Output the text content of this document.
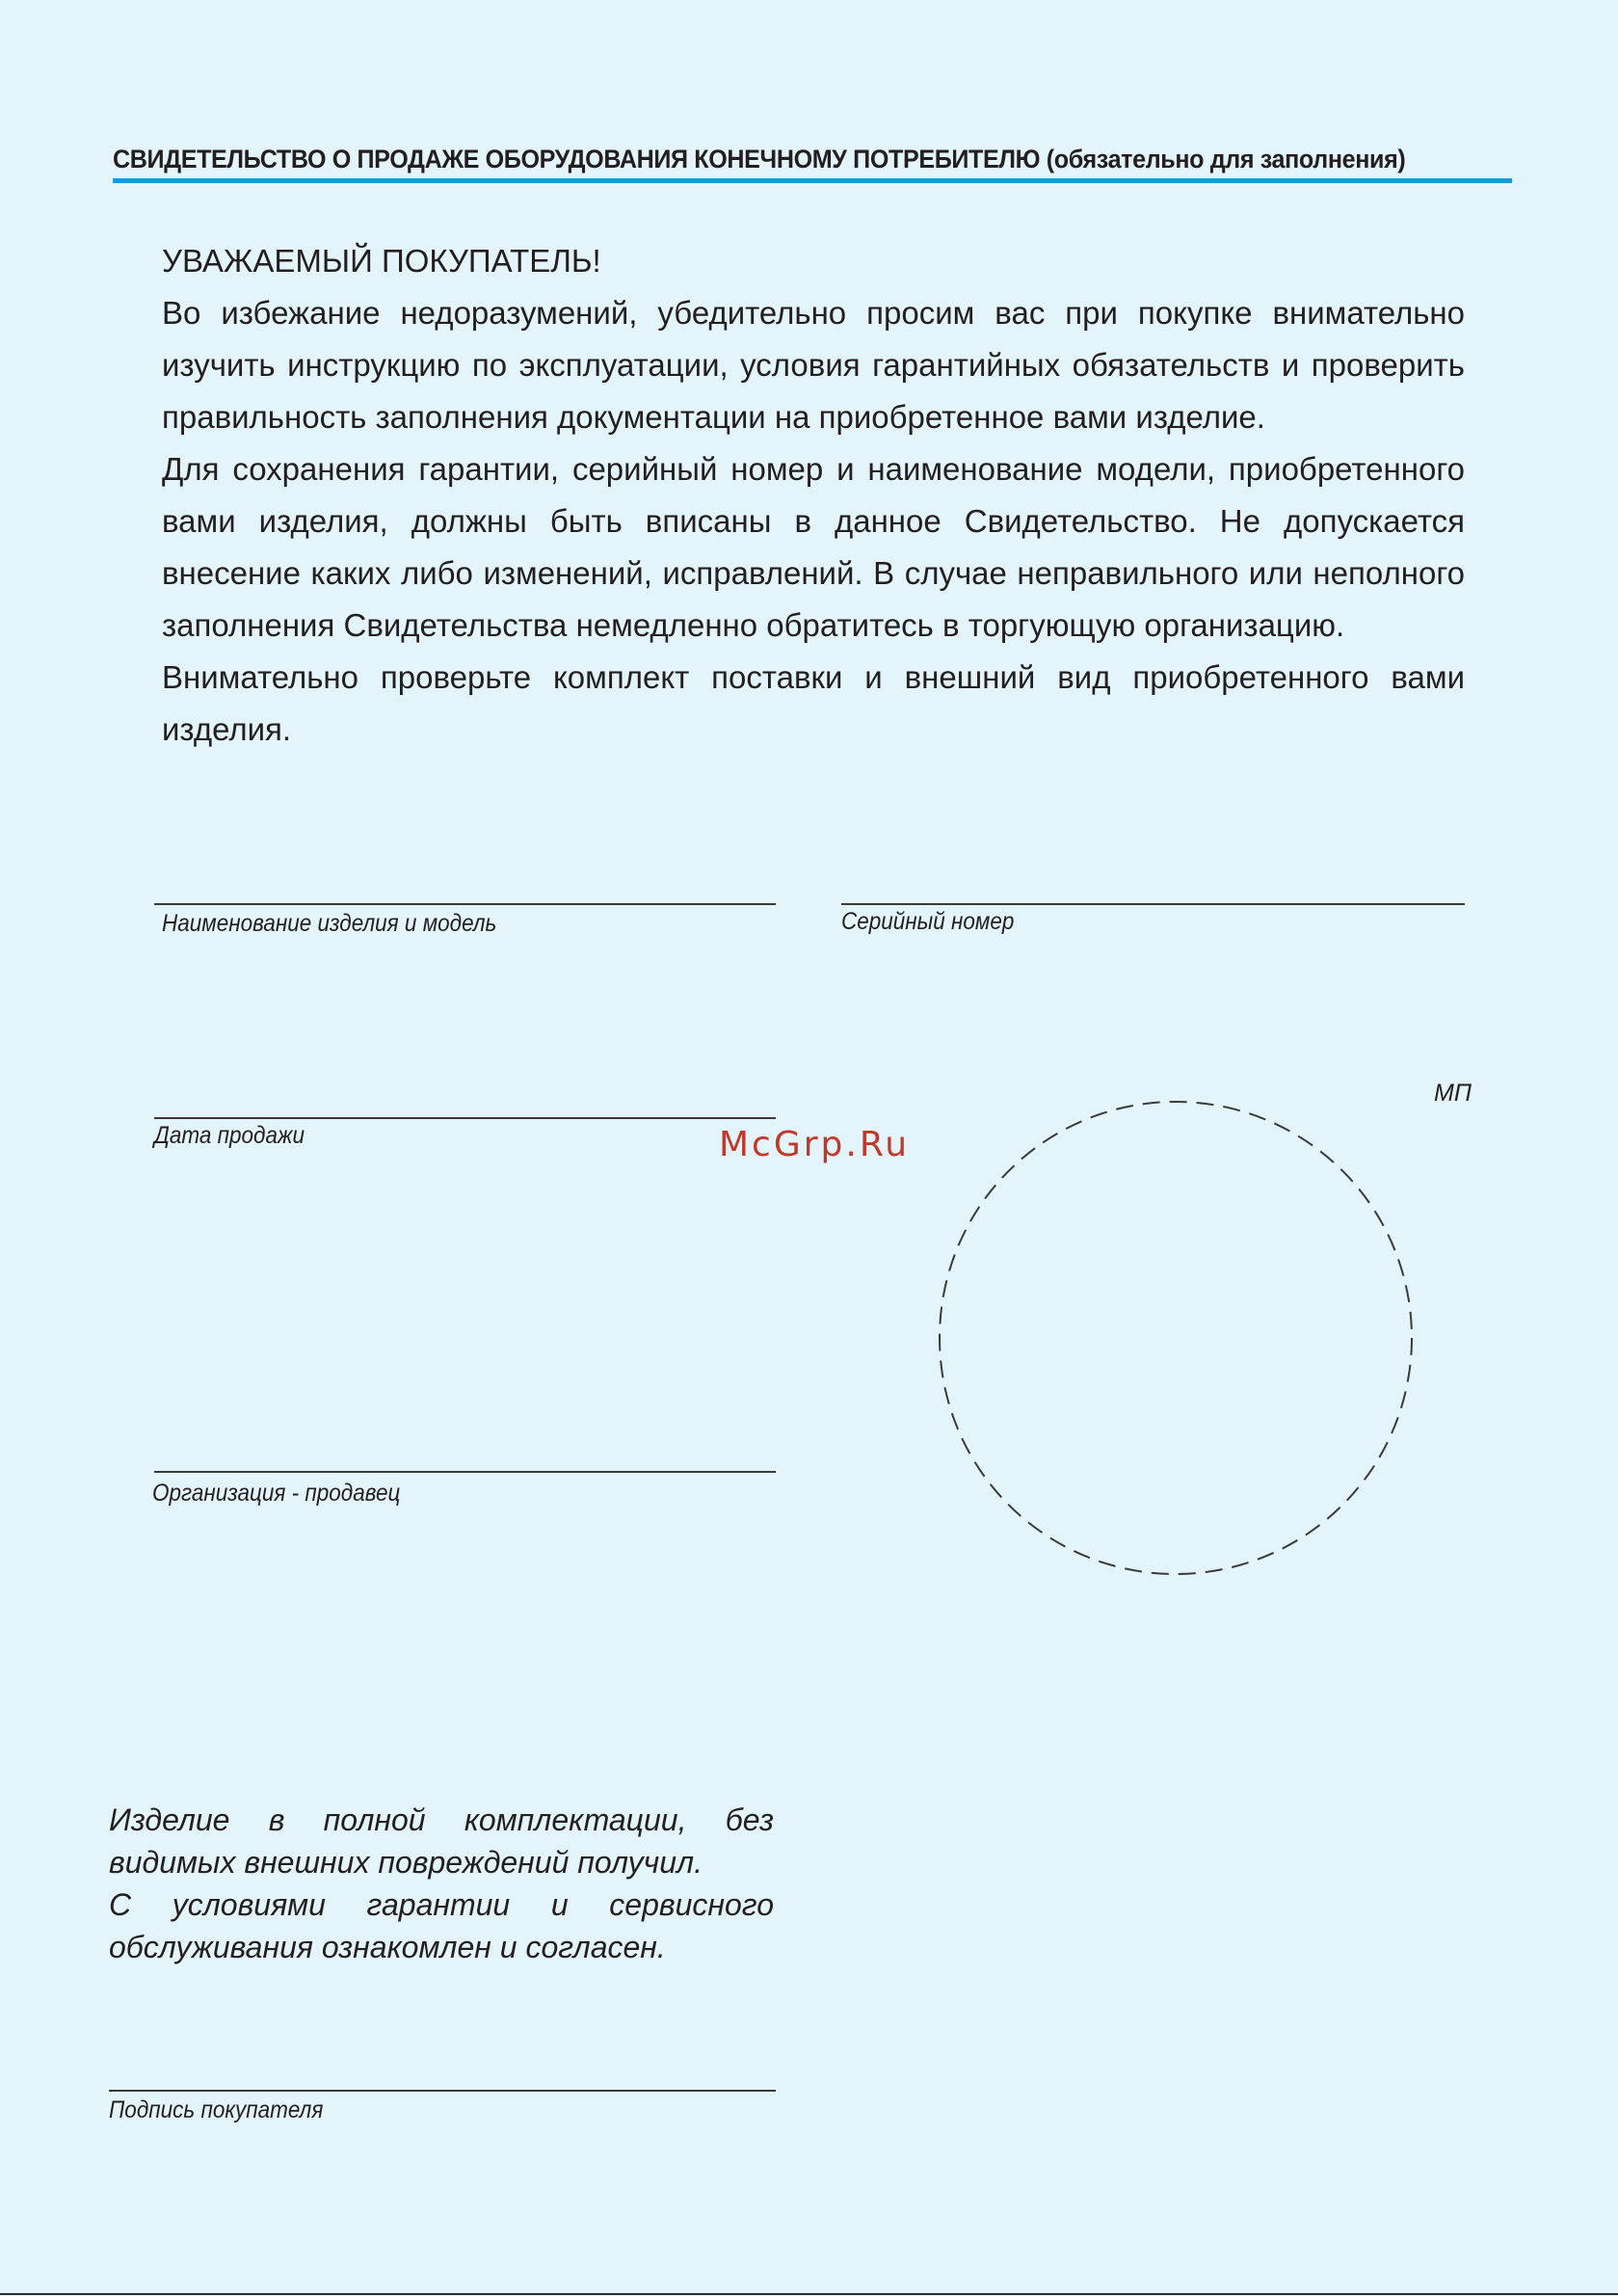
СВИДЕТЕЛЬСТВО О ПРОДАЖЕ ОБОРУДОВАНИЯ КОНЕЧНОМУ ПОТРЕБИТЕЛЮ (обязательно для заполнения)

УВАЖАЕМЫЙ ПОКУПАТЕЛЬ!

Во избежание недоразумений, убедительно просим вас при покупке внимательно изучить инструкцию по эксплуатации, условия гарантийных обязательств и проверить правильность заполнения документации на приобретенное вами изделие.

Для сохранения гарантии, серийный номер и наименование модели, приобретенного вами изделия, должны быть вписаны в данное Свидетельство. Не допускается внесение каких либо изменений, исправлений. В случае неправильного или неполного заполнения Свидетельства немедленно обратитесь в торгующую организацию.

Внимательно проверьте комплект поставки и внешний вид приобретенного вами изделия.

Наименование изделия и модель	Серийный номер
Дата продажи
Организация - продавец
МП
McGrp.Ru

Изделие в полной комплектации, без

видимых внешних повреждений получил.

С условиями гарантии и сервисного

обслуживания ознакомлен и согласен.

Подпись покупателя
